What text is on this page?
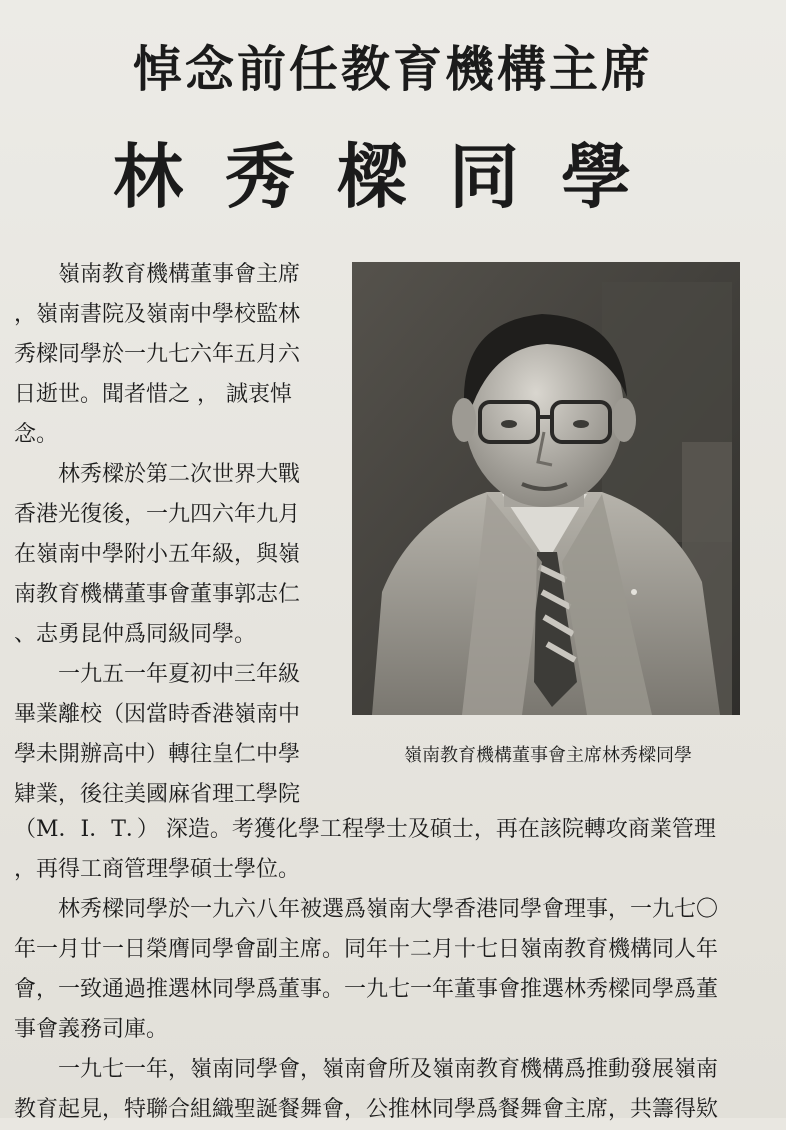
悼念前任教育機構主席
林秀樑同學
嶺南教育機構董事會主席
，嶺南書院及嶺南中學校監林
秀樑同學於一九七六年五月六
日逝世。聞者惜之 ， 誠衷悼
念。
林秀樑於第二次世界大戰
香港光復後，一九四六年九月
在嶺南中學附小五年級，與嶺
南教育機構董事會董事郭志仁
、志勇昆仲爲同級同學。
一九五一年夏初中三年級
畢業離校（因當時香港嶺南中
學未開辦高中）轉往皇仁中學
肄業，後往美國麻省理工學院
嶺南教育機構董事會主席林秀樑同學
（M．I．T．） 深造。考獲化學工程學士及碩士，再在該院轉攻商業管理
，再得工商管理學碩士學位。
林秀樑同學於一九六八年被選爲嶺南大學香港同學會理事，一九七〇
年一月廿一日榮膺同學會副主席。同年十二月十七日嶺南教育機構同人年
會，一致通過推選林同學爲董事。一九七一年董事會推選林秀樑同學爲董
事會義務司庫。
一九七一年，嶺南同學會，嶺南會所及嶺南教育機構爲推動發展嶺南
教育起見，特聯合組織聖誕餐舞會，公推林同學爲餐舞會主席，共籌得欵
